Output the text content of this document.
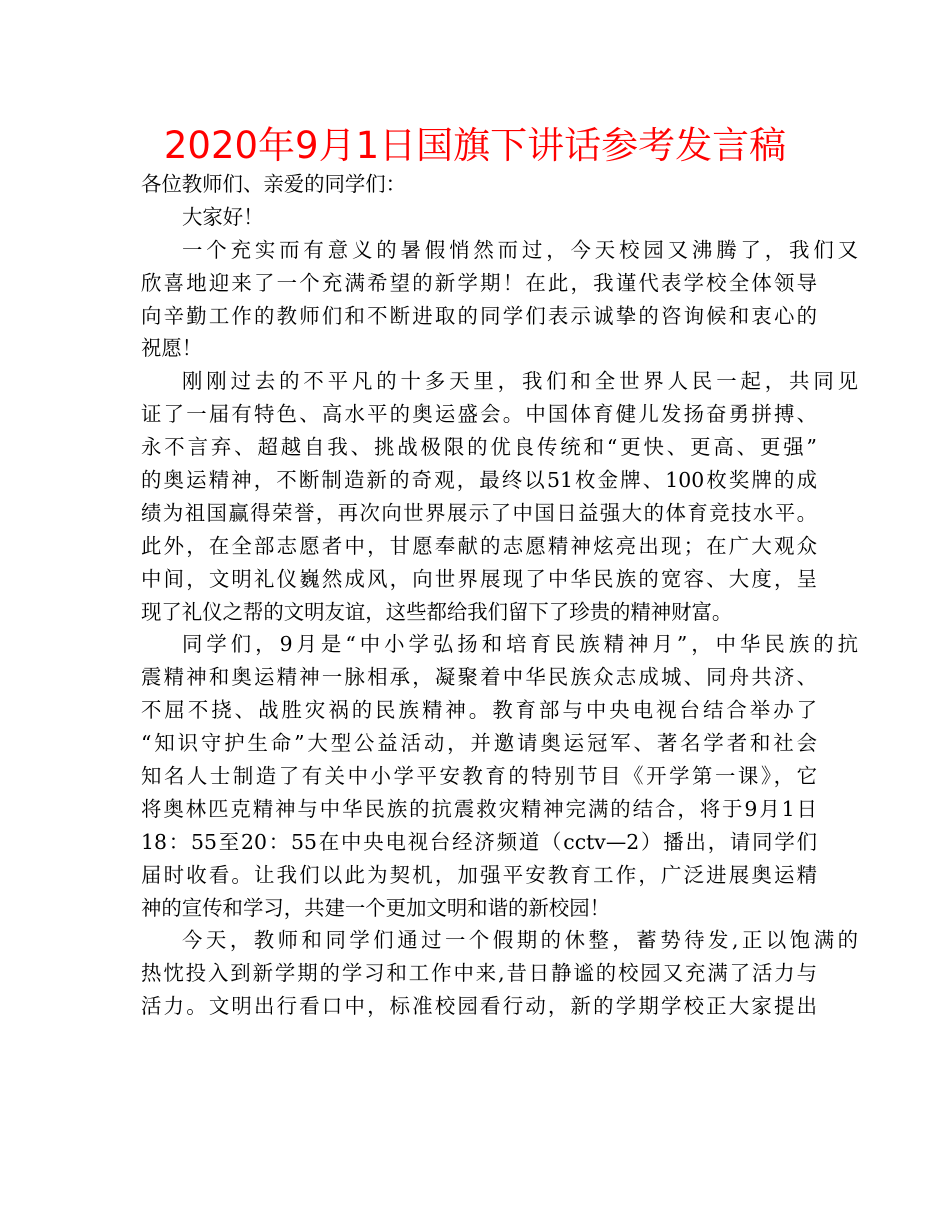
2020年9月1日国旗下讲话参考发言稿
各位教师们、亲爱的同学们：
大家好！
一个充实而有意义的暑假悄然而过，今天校园又沸腾了，我们又
欣喜地迎来了一个充满希望的新学期！在此，我谨代表学校全体领导
向辛勤工作的教师们和不断进取的同学们表示诚挚的咨询候和衷心的
祝愿！
刚刚过去的不平凡的十多天里，我们和全世界人民一起，共同见
证了一届有特色、高水平的奥运盛会。中国体育健儿发扬奋勇拼搏、
永不言弃、超越自我、挑战极限的优良传统和“更快、更高、更强”
的奥运精神，不断制造新的奇观，最终以51枚金牌、100枚奖牌的成
绩为祖国赢得荣誉，再次向世界展示了中国日益强大的体育竞技水平。
此外，在全部志愿者中，甘愿奉献的志愿精神炫亮出现；在广大观众
中间，文明礼仪巍然成风，向世界展现了中华民族的宽容、大度，呈
现了礼仪之帮的文明友谊，这些都给我们留下了珍贵的精神财富。
同学们，9月是“中小学弘扬和培育民族精神月”，中华民族的抗
震精神和奥运精神一脉相承，凝聚着中华民族众志成城、同舟共济、
不屈不挠、战胜灾祸的民族精神。教育部与中央电视台结合举办了
“知识守护生命”大型公益活动，并邀请奥运冠军、著名学者和社会
知名人士制造了有关中小学平安教育的特别节目《开学第一课》，它
将奥林匹克精神与中华民族的抗震救灾精神完满的结合，将于9月1日
18：55至20：55在中央电视台经济频道（cctv—2）播出，请同学们
届时收看。让我们以此为契机，加强平安教育工作，广泛进展奥运精
神的宣传和学习，共建一个更加文明和谐的新校园！
今天，教师和同学们通过一个假期的休整，蓄势待发,正以饱满的
热忱投入到新学期的学习和工作中来,昔日静谧的校园又充满了活力与
活力。文明出行看口中，标准校园看行动，新的学期学校正大家提出
